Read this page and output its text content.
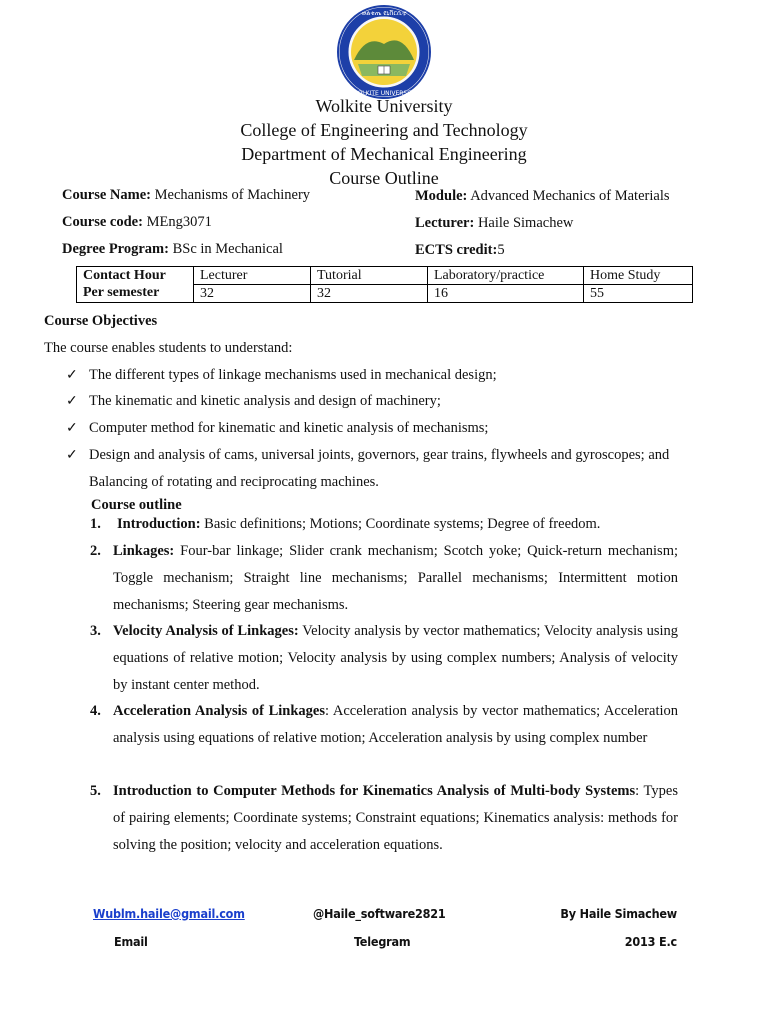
ወልቂጤ ዩኒቨርሲቲ
WOLKITE UNIVERSITY
Wolkite University
College of Engineering and Technology
Department of Mechanical Engineering
Course Outline
Course Name: Mechanisms of Machinery	Module: Advanced Mechanics of Materials
Course code: MEng3071	Lecturer: Haile Simachew
Degree Program: BSc in Mechanical	ECTS credit:5
Contact Hour
Per semester	Lecturer	Tutorial	Laboratory/practice	Home Study
	32	32	16	55
Course Objectives
The course enables students to understand:
✓ The different types of linkage mechanisms used in mechanical design;
✓ The kinematic and kinetic analysis and design of machinery;
✓ Computer method for kinematic and kinetic analysis of mechanisms;
✓ Design and analysis of cams, universal joints, governors, gear trains, flywheels and gyroscopes; and Balancing of rotating and reciprocating machines.
Course outline
1. Introduction: Basic definitions; Motions; Coordinate systems; Degree of freedom.
2. Linkages: Four-bar linkage; Slider crank mechanism; Scotch yoke; Quick-return mechanism; Toggle mechanism; Straight line mechanisms; Parallel mechanisms; Intermittent motion mechanisms; Steering gear mechanisms.
3. Velocity Analysis of Linkages: Velocity analysis by vector mathematics; Velocity analysis using equations of relative motion; Velocity analysis by using complex numbers; Analysis of velocity by instant center method.
4. Acceleration Analysis of Linkages: Acceleration analysis by vector mathematics; Acceleration analysis using equations of relative motion; Acceleration analysis by using complex number
5. Introduction to Computer Methods for Kinematics Analysis of Multi-body Systems: Types of pairing elements; Coordinate systems; Constraint equations; Kinematics analysis: methods for solving the position; velocity and acceleration equations.
Wublm.haile@gmail.com
Email
@Haile_software2821
Telegram
By Haile Simachew
2013 E.c
